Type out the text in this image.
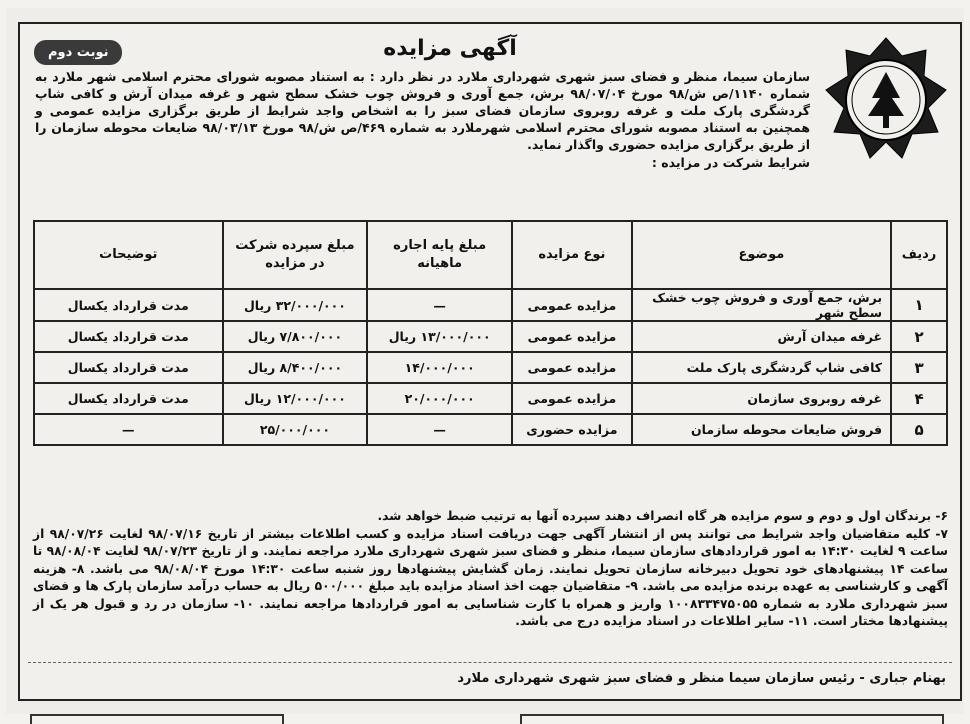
نوبت دوم	آگهی مزایده

سازمان سیما، منظر و فضای سبز شهری شهرداری ملارد در نظر دارد : به استناد مصوبه شورای محترم اسلامی شهر ملارد به شماره ۱۱۴۰/ص ش/۹۸ مورخ ۹۸/۰۷/۰۴ برش، جمع آوری و فروش چوب خشک سطح شهر و غرفه میدان آرش و کافی شاپ گردشگری پارک ملت و غرفه روبروی سازمان فضای سبز را به اشخاص واجد شرایط از طریق برگزاری مزایده عمومی و همچنین به استناد مصوبه شورای محترم اسلامی شهرملارد به شماره ۴۶۹/ص ش/۹۸ مورخ ۹۸/۰۳/۱۳ ضایعات محوطه سازمان را از طریق برگزاری مزایده حضوری واگذار نماید.

شرایط شرکت در مزایده :

ردیف	موضوع	نوع مزایده	مبلغ پایه اجاره ماهیانه	مبلغ سپرده شرکت در مزایده	توضیحات
۱	برش، جمع آوری و فروش چوب خشک سطح شهر	مزایده عمومی	—	۳۲/۰۰۰/۰۰۰ ریال	مدت قرارداد یکسال
۲	غرفه میدان آرش	مزایده عمومی	۱۳/۰۰۰/۰۰۰ ریال	۷/۸۰۰/۰۰۰ ریال	مدت قرارداد یکسال
۳	کافی شاپ گردشگری پارک ملت	مزایده عمومی	۱۴/۰۰۰/۰۰۰	۸/۴۰۰/۰۰۰ ریال	مدت قرارداد یکسال
۴	غرفه روبروی سازمان	مزایده عمومی	۲۰/۰۰۰/۰۰۰	۱۲/۰۰۰/۰۰۰ ریال	مدت قرارداد یکسال
۵	فروش ضایعات محوطه سازمان	مزایده حضوری	—	۲۵/۰۰۰/۰۰۰	—

۶- برندگان اول و دوم و سوم مزایده هر گاه انصراف دهند سپرده آنها به ترتیب ضبط خواهد شد.

۷- کلیه متقاضیان واجد شرایط می توانند پس از انتشار آگهی جهت دریافت اسناد مزایده و کسب اطلاعات بیشتر از تاریخ ۹۸/۰۷/۱۶ لغایت ۹۸/۰۷/۲۶ از ساعت ۹ لغایت ۱۴:۳۰ به امور قراردادهای سازمان سیما، منظر و فضای سبز شهری شهرداری ملارد مراجعه نمایند. و از تاریخ ۹۸/۰۷/۲۳ لغایت ۹۸/۰۸/۰۴ تا ساعت ۱۴ پیشنهادهای خود تحویل دبیرخانه سازمان تحویل نمایند. زمان گشایش پیشنهادها روز شنبه ساعت ۱۴:۳۰ مورخ ۹۸/۰۸/۰۴ می باشد. ۸- هزینه آگهی و کارشناسی به عهده برنده مزایده می باشد. ۹- متقاضیان جهت اخذ اسناد مزایده باید مبلغ ۵۰۰/۰۰۰ ریال به حساب درآمد سازمان پارک ها و فضای سبز شهرداری ملارد به شماره ۱۰۰۸۳۳۴۷۵۰۵۵ واریز و همراه با کارت شناسایی به امور قراردادها مراجعه نمایند. ۱۰- سازمان در رد و قبول هر یک از پیشنهادها مختار است. ۱۱- سایر اطلاعات در اسناد مزایده درج می باشد.

بهنام جباری - رئیس سازمان سیما منظر و فضای سبز شهری شهرداری ملارد
